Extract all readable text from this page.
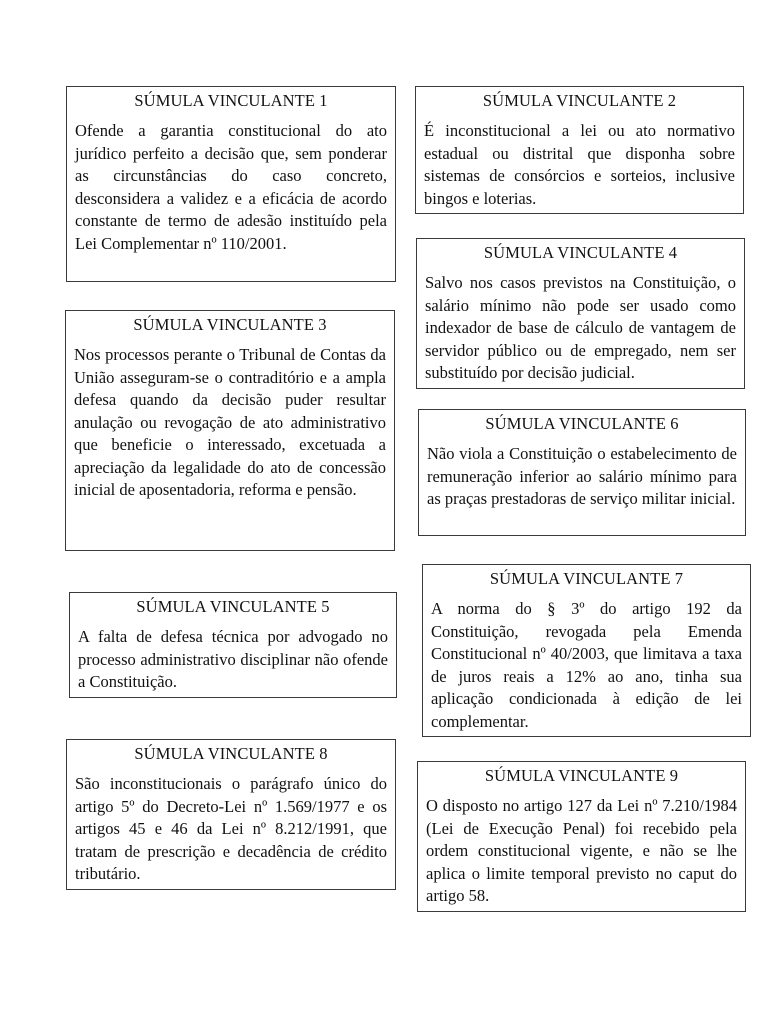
SÚMULA VINCULANTE 1

Ofende a garantia constitucional do ato jurídico perfeito a decisão que, sem ponderar as circunstâncias do caso concreto, desconsidera a validez e a eficácia de acordo constante de termo de adesão instituído pela Lei Complementar nº 110/2001.

SÚMULA VINCULANTE 2

É inconstitucional a lei ou ato normativo estadual ou distrital que disponha sobre sistemas de consórcios e sorteios, inclusive bingos e loterias.

SÚMULA VINCULANTE 3

Nos processos perante o Tribunal de Contas da União asseguram-se o contraditório e a ampla defesa quando da decisão puder resultar anulação ou revogação de ato administrativo que beneficie o interessado, excetuada a apreciação da legalidade do ato de concessão inicial de aposentadoria, reforma e pensão.

SÚMULA VINCULANTE 4

Salvo nos casos previstos na Constituição, o salário mínimo não pode ser usado como indexador de base de cálculo de vantagem de servidor público ou de empregado, nem ser substituído por decisão judicial.

SÚMULA VINCULANTE 5

A falta de defesa técnica por advogado no processo administrativo disciplinar não ofende a Constituição.

SÚMULA VINCULANTE 6

Não viola a Constituição o estabelecimento de remuneração inferior ao salário mínimo para as praças prestadoras de serviço militar inicial.

SÚMULA VINCULANTE 7

A norma do § 3º do artigo 192 da Constituição, revogada pela Emenda Constitucional nº 40/2003, que limitava a taxa de juros reais a 12% ao ano, tinha sua aplicação condicionada à edição de lei complementar.

SÚMULA VINCULANTE 8

São inconstitucionais o parágrafo único do artigo 5º do Decreto-Lei nº 1.569/1977 e os artigos 45 e 46 da Lei nº 8.212/1991, que tratam de prescrição e decadência de crédito tributário.

SÚMULA VINCULANTE 9

O disposto no artigo 127 da Lei nº 7.210/1984 (Lei de Execução Penal) foi recebido pela ordem constitucional vigente, e não se lhe aplica o limite temporal previsto no caput do artigo 58.
